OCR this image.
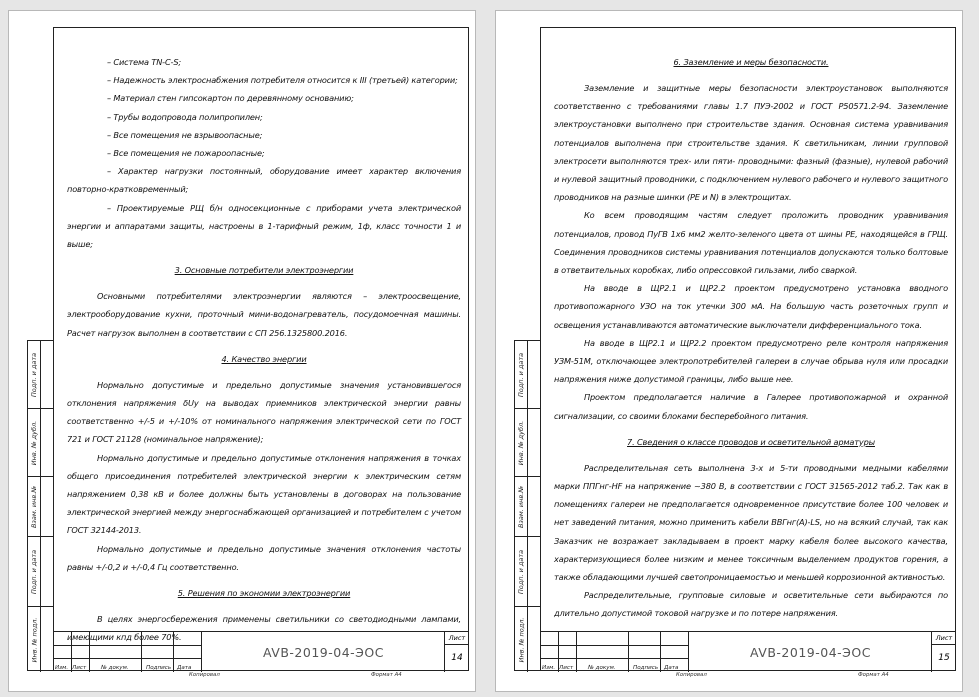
Подп. и дата
Инв. № дубл.
Взам. инв.№
Подп. и дата
Инв. № подл.

– Система TN-C-S;

– Надежность электроснабжения потребителя относится к III (третьей) категории;

– Материал стен гипсокартон по деревянному основанию;

– Трубы водопровода полипропилен;

– Все помещения не взрывоопасные;

– Все помещения не пожароопасные;

– Характер нагрузки постоянный, оборудование имеет характер включения повторно-кратковременный;

– Проектируемые РЩ б/н односекционные с приборами учета электрической энергии и аппаратами защиты, настроены в 1-тарифный режим, 1ф, класс точности 1 и выше;

3. Основные потребители электроэнергии

Основными потребителями электроэнергии являются – электроосвещение, электрооборудование кухни, проточный мини-водонагреватель, посудомоечная машины. Расчет нагрузок выполнен в соответствии с СП 256.1325800.2016.

4. Качество энергии

Нормально допустимые и предельно допустимые значения установившегося отклонения напряжения δUy на выводах приемников электрической энергии равны соответственно +/-5 и +/-10% от номинального напряжения электрической сети по ГОСТ 721 и ГОСТ 21128 (номинальное напряжение);

Нормально допустимые и предельно допустимые отклонения напряжения в точках общего присоединения потребителей электрической энергии к электрическим сетям напряжением 0,38 кВ и более должны быть установлены в договорах на пользование электрической энергией между энергоснабжающей организацией и потребителем с учетом ГОСТ 32144-2013.

Нормально допустимые и предельно допустимые значения отклонения частоты равны +/-0,2 и +/-0,4 Гц соответственно.

5. Решения по экономии электроэнергии

В целях энергосбережения применены светильники со светодиодными лампами, имеющими кпд более 70%.

Изм. Лист	№ докум.	Подпись Дата
AVB-2019-04-ЭОС
Лист
14
Копировал	Формат А4
Подп. и дата
Инв. № дубл.
Взам. инв.№
Подп. и дата
Инв. № подл.
6. Заземление и меры безопасности.

Заземление и защитные меры безопасности электроустановок выполняются соответственно с требованиями главы 1.7 ПУЭ-2002 и ГОСТ Р50571.2-94. Заземление электроустановки выполнено при строительстве здания. Основная система уравнивания потенциалов выполнена при строительстве здания. К светильникам, линии групповой электросети выполняются трех- или пяти- проводными: фазный (фазные), нулевой рабочий и нулевой защитный проводники, с подключением нулевого рабочего и нулевого защитного проводников на разные шинки (PE и N) в электрощитах.

Ко всем проводящим частям следует проложить проводник уравнивания потенциалов, провод ПуГВ 1х6 мм2 желто-зеленого цвета от шины PE, находящейся в ГРЩ. Соединения проводников системы уравнивания потенциалов допускаются только болтовые в ответвительных коробках, либо опрессовкой гильзами, либо сваркой.

На вводе в ЩР2.1 и ЩР2.2 проектом предусмотрено установка вводного противопожарного УЗО на ток утечки 300 мА. На большую часть розеточных групп и освещения устанавливаются автоматические выключатели дифференциального тока.

На вводе в ЩР2.1 и ЩР2.2 проектом предусмотрено реле контроля напряжения УЗМ-51М, отключающее электропотребителей галереи в случае обрыва нуля или просадки напряжения ниже допустимой границы, либо выше нее.

Проектом предполагается наличие в Галерее противопожарной и охранной сигнализации, со своими блоками бесперебойного питания.

7. Сведения о классе проводов и осветительной арматуры

Распределительная сеть выполнена 3-х и 5-ти проводными медными кабелями марки ППГнг-HF на напряжение ~380 В, в соответствии с ГОСТ 31565-2012 таб.2. Так как в помещениях галереи не предполагается одновременное присутствие более 100 человек и нет заведений питания, можно применить кабели ВВГнг(А)-LS, но на всякий случай, так как Заказчик не возражает закладываем в проект марку кабеля более высокого качества, характеризующиеся более низким и менее токсичным выделением продуктов горения, а также обладающими лучшей светопроницаемостью и меньшей коррозионной активностью.

Распределительные, групповые силовые и осветительные сети выбираются по длительно допустимой токовой нагрузке и по потере напряжения.

Изм. Лист	№ докум.	Подпись Дата
AVB-2019-04-ЭОС
Лист
15
Копировал	Формат А4
